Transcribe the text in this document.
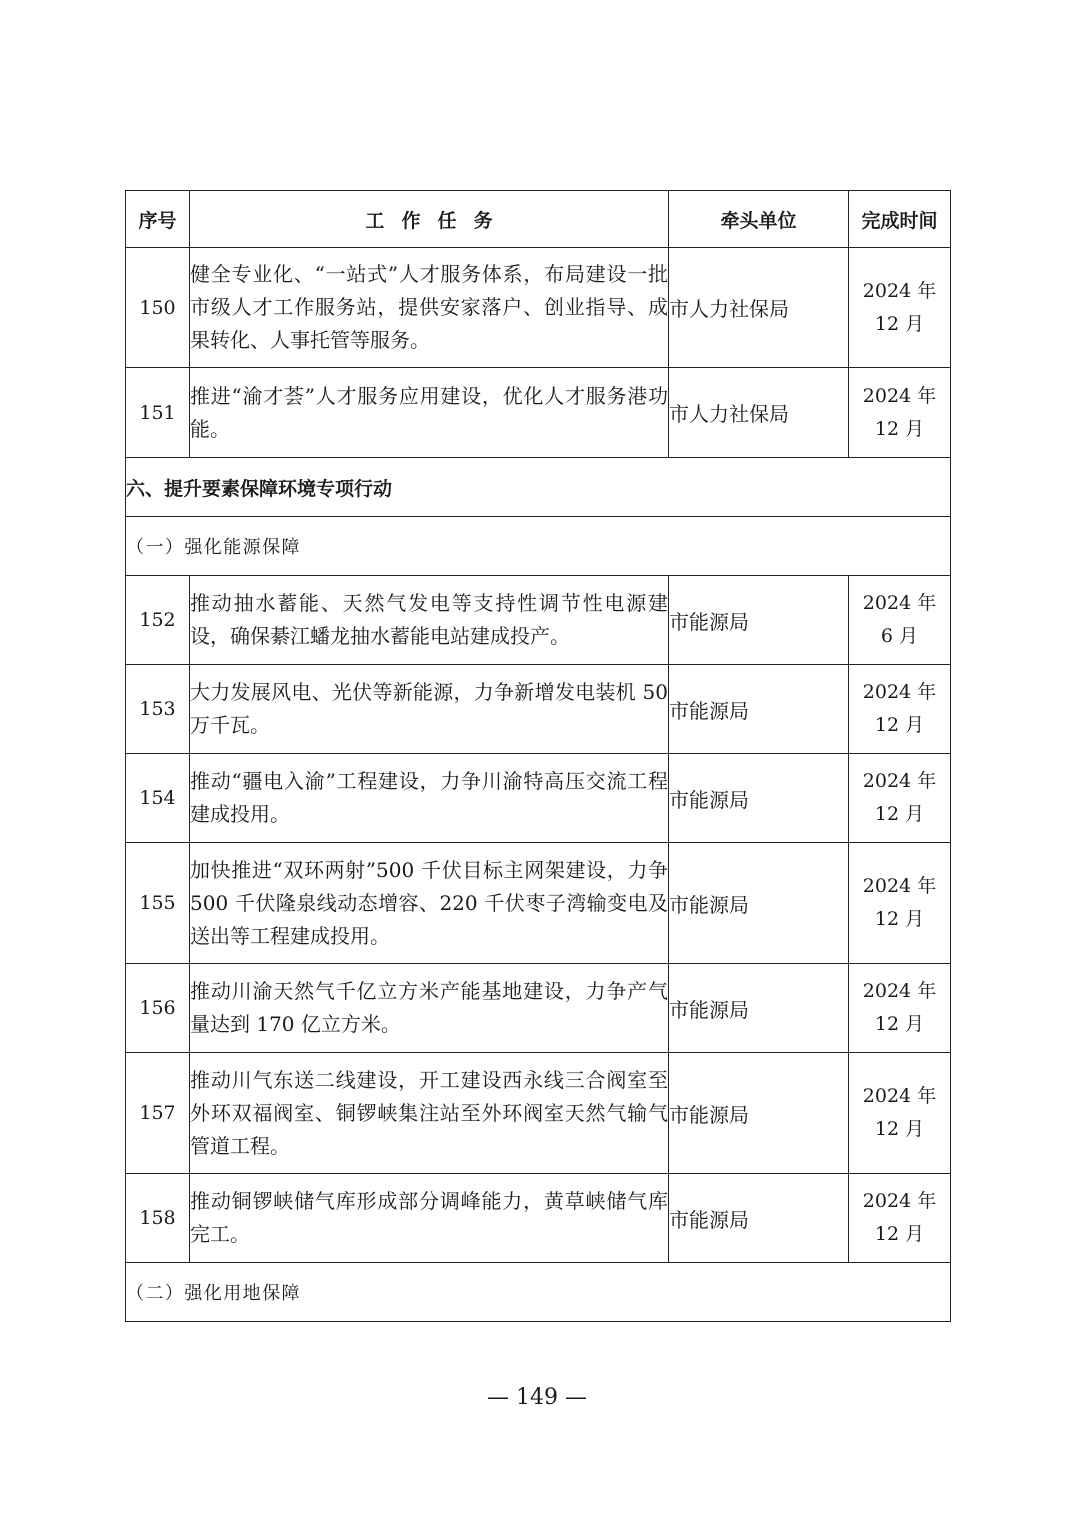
序号	工作任务	牵头单位	完成时间
150	健全专业化、“一站式”人才服务体系，布局建设一批市级人才工作服务站，提供安家落户、创业指导、成果转化、人事托管等服务。	市人力社保局	2024 年
12 月
151	推进“渝才荟”人才服务应用建设，优化人才服务港功能。	市人力社保局	2024 年
12 月
六、提升要素保障环境专项行动			
（一）强化能源保障			
152	推动抽水蓄能、天然气发电等支持性调节性电源建设，确保綦江蟠龙抽水蓄能电站建成投产。	市能源局	2024 年
6 月
153	大力发展风电、光伏等新能源，力争新增发电装机 50 万千瓦。	市能源局	2024 年
12 月
154	推动“疆电入渝”工程建设，力争川渝特高压交流工程建成投用。	市能源局	2024 年
12 月
155	加快推进“双环两射”500 千伏目标主网架建设，力争 500 千伏隆泉线动态增容、220 千伏枣子湾输变电及送出等工程建成投用。	市能源局	2024 年
12 月
156	推动川渝天然气千亿立方米产能基地建设，力争产气量达到 170 亿立方米。	市能源局	2024 年
12 月
157	推动川气东送二线建设，开工建设西永线三合阀室至外环双福阀室、铜锣峡集注站至外环阀室天然气输气管道工程。	市能源局	2024 年
12 月
158	推动铜锣峡储气库形成部分调峰能力，黄草峡储气库完工。	市能源局	2024 年
12 月
（二）强化用地保障			
— 149 —
